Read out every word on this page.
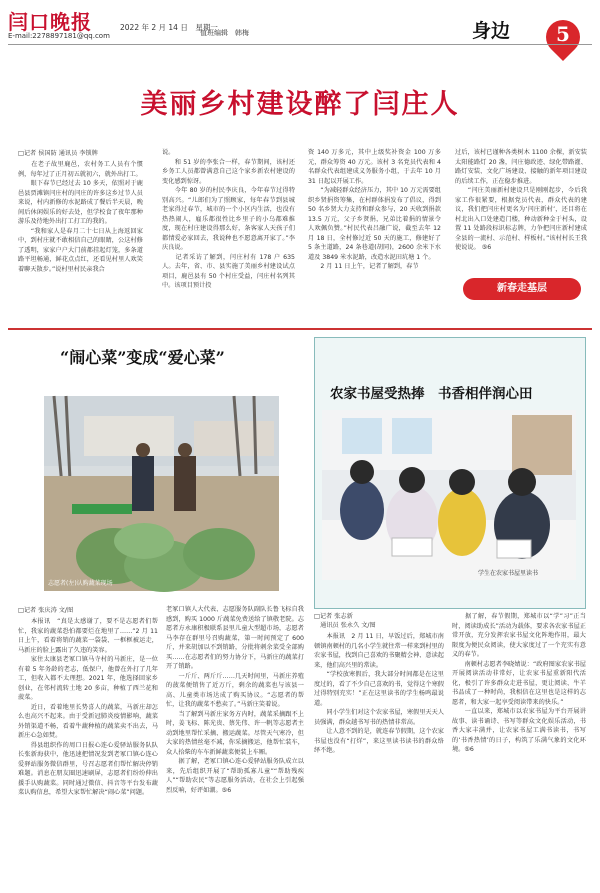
闫口晚报
E-mail:2278897181@qq.com
2022 年 2 月 14 日　星期一
值班编辑　韩梅	身边	5
美丽乡村建设醉了闫庄人
□记者 侯国防 通讯员 李锁牌
　　在老子故里鹿邑，农村务工人员有个惯例，每年过了正月初五就初六，就外出打工。
　　眼下春节已经过去 10 多天，依照对于鹿邑县贾滩镇闫庄村的闫庄的许多这乡过节人员来说，村内新修的水泥路成了餐后半天晨，晚间后休闲娱乐的好去处，但学校食了夜年那种游乐及待地外出打工打工的我的。
　　“我和家人是春月二十七日从上海返回家中，到村庄就不敢相信自己的眼睛，公这村修了透明，家家户户大门前都挂起灯笼，多条道路平坦畅通，鲜花点点红，还看见村里人欢笑着聊天散步。”说村里村民亲我合
说。
　　和 51 岁的李张合一样，春节期间，该村还乡务工人员都曾满意自己这个家乡新农村建设的变化感到惊讶。
　　今年 80 岁的村民李庆良，今年春节过得特别高兴。“儿郎们为了照顾家，每年春节到县城老家得过春节，城市的一个小区内生活，也没有热热闹人，雇乐都很性比乡里子的小乌都难推度，现在村庄建设得那么好，条客家人天孩子们都情爱必家回去，我说种也不愿意离开家了。”李庆良说。
　　记者采访了解到，闫庄村有 178 户 635 人。去年，省、市、县实施了美丽乡村建设试点项目，鹿邑县有 50 个村庄受益，闫庄村名列其中。该项目预计投
资 140 万多元，其中上级奖补资金 100 万多元，群众筹资 40 万元。该村 3 名党员代表和 4 名群众代表组建成义务服务小组，于去年 10 月 31 日起以开展工作。
　　“为减轻群众经济压力，其中 10 万元需要组织乡贤捐资筹集，在村群体捐发布了倡议，得到 50 名乡贤大力支持和群众参与，20 天收到捐款 13.5 万元，父子乡贤捐，兄弟比着捐的情景令人欢佩负赞。”村民代表吕融广说，截至去年 12 月 18 日，全村修过近 50 天的施工，修建好了 5 条主道路，24 条巷道(胡同)，2600 余米下水道及 3849 米水泥路，改造水泥田坑塘 1 个。
　　2 月 11 日上午，记者了解到，春节
过后，该村已谨种各类树木 1100 余棵，新安装太阳能路灯 20 盏，闫庄德政迹、绿化带路灌、路灯安装、文化广场建设、接触的新年项目建设的后续工作，正在稳步推进。
　　“闫庄美丽新村建设只是刚刚起步，今后我家工作很紧要，根据党员代表，群众代表的建议，我们把闫庄村更名为‘闫庄新村’，还目将在村北出入口处建造门楼，种动新种金于村头，设置 11 处路段标识标志牌，力争把闫庄新村建成全县的一流村、示范村、样板村。”该村村长王我使说说。 ⑤6
新春走基层
“闹心菜”变成“爱心菜”
志愿者(左)认购蔬菜现场
□记者 张庆涛 文/图
　　本报讯　“真是太感谢了，要不是志愿者们帮忙，我家的蔬菜恐怕都要烂在地里了……”2 月 11 日上午，看着将销的蔬菜一袋袋、一框框被运走，马新庄的脸上露出了久违的笑容。
　　家住太康县老冢口镇马寺村的马新庄，是一位有着 5 年务龄的老志，低保户，他曾在外打了几年工，但收入都不太理想。2021 年，他选择回家乡创业，在邻村流转土地 20 多亩，种植了西兰花和菠菜。
　　近日，看着地里长势喜人的蔬菜，马新庄却怎么也高兴不起来。由于受新冠肺炎疫情影响，蔬菜外销渠道不畅，看着牛蔬种植的蔬菜卖不出去，马新庄心急如焚。
　　得县组织作的周口日报心连心爱驿站服务队队长张新海获中，他迅速把情况发到老冢口镇心连心爱驿站服务微信群里，号召志愿者们帮忙解决停销难题。消息在朋友圈迅速刷屏，志愿者们纷纷伸出援手认购蔬菜。同时通过微信、抖音等平台发布蔬菜认购信息，希望大家帮忙解决“闹心菜”问题。
老冢口镇人大代表、志愿服务队副队长鲁飞标自我感到，购买 1000 斤蔬菜免费送给了镇敬老院。志愿者方永康积极联系县里儿童大型超市场，志愿者马李存在群里号召购蔬菜，第一时间预定了 600 斤，并来胡加以不到销路，分批将刺余菜受全部购买……在志愿者们的努力协分下，马新庄的蔬菜打开了销路。
　　一斤斤、两斤斤……几天时间里，马新庄养殖的菠菜便销售了近万斤，剩余的蔬菜也与该县一高、儿童类市场达成了购买协议。“志愿者的帮忙，让我的蔬菜不愁卖了。”马新庄笑着说。
　　当了解到马新庄家务方内时，蔬菜采摘跟不上时，姜飞标、陈光贵、蔡先伟、许一帆等志愿者主动到地里帮忙采摘、搬运蔬菜。尽管天气寒冷，但大家的热情丝毫不减，你采摘搬运，他帮忙装车，众人拾柴的车车新鲜蔬菜便装上车厢。
　　据了解，老冢口镇心连心爱驿站服务队成立以来，先后组织开展了“帮助孤寡儿童”“帮助残疾人”“帮助农民”等志愿服务活动，在社会上引起强烈反响，好评如潮。⑤6
农家书屋受热捧　书香相伴润心田
学生在农家书屋里读书
□记者 张志新
　通讯员 张永久 文/图
　　本报讯　2 月 11 日，早饭过后，郑城市南顿镇南顿村的几名小学生就往常一样来到村里的农家书屋，找到自己喜欢的书聚精会神、意读起来，他们高兴里的常读。
　　“学校放寒假后，我大部分时间都是在这里度过的，看了不少自己喜欢的书，觉得这个寒假过得特别充实！”正在这里读书的学生杨鸣最说道。
　　同小学生们对这个农家书屋，寒假里天天人员强满，群众越书写书的热情非常高。
　　让人意不到的是，就连春节假期，这个农家书屋也没有“打烊”，来这里读书读书的群众络绎不绝。
　　据了解，春节假期，郑城市以“学”习”正当时，阅读助成长”活动为载体，要求各农家书屋正常开放，充分发挥农家书屋文化阵地作用，最大限度为便民众阅读，使大家度过了一个充实有意义的春节。
　　南顿村志愿者李晓婧说：“政府图家农家书屋开展阅读活动非常好，让农家书屋重新阳代活化，极引了许多群众走进书屋，更让阅读、牛羊书品成了一种时尚，我相信在这里也是这样的志愿者，和大家一起享受阅读带来的快乐。”
　　一直以来，郑城市以农家书屋为平台开展讲故事、读书诵诗、书写等群众文化娱乐活动，书香大家丰满并，让农家书屋工满书读书，书写的‘书香热情’的日子，构筑了乐满气象的文化环境。⑤6
